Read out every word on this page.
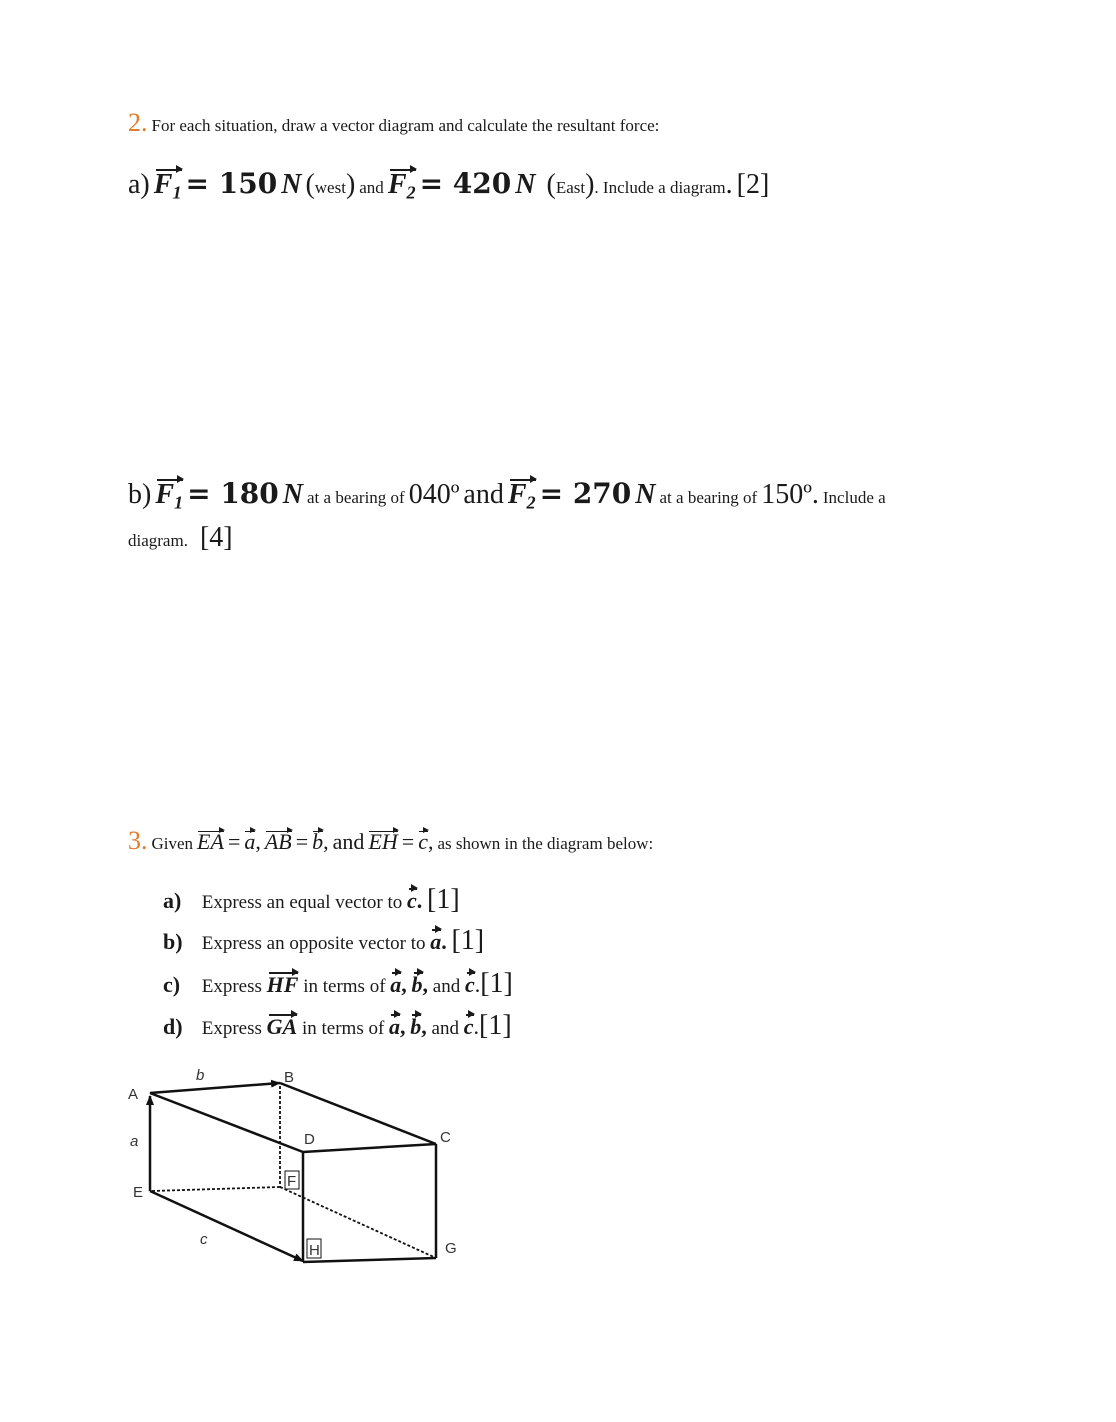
2. For each situation, draw a vector diagram and calculate the resultant force:
a) $F_1 = 150$ N (west) and $F_2 = 420$ N  (East). Include a diagram. [2]
b) $F_1 = 180$ N at a bearing of 040º and $F_2 = 270$ N at a bearing of 150º. Include a
diagram. [4]
3. Given EA = a, AB = b, and EH = c, as shown in the diagram below:
a) Express an equal vector to c. [1]
b) Express an opposite vector to a. [1]
c) Express HF in terms of a, b, and c.[1]
d) Express GA in terms of a, b, and c.[1]
A
B
C
D
E
F
G
H
b
a
c
